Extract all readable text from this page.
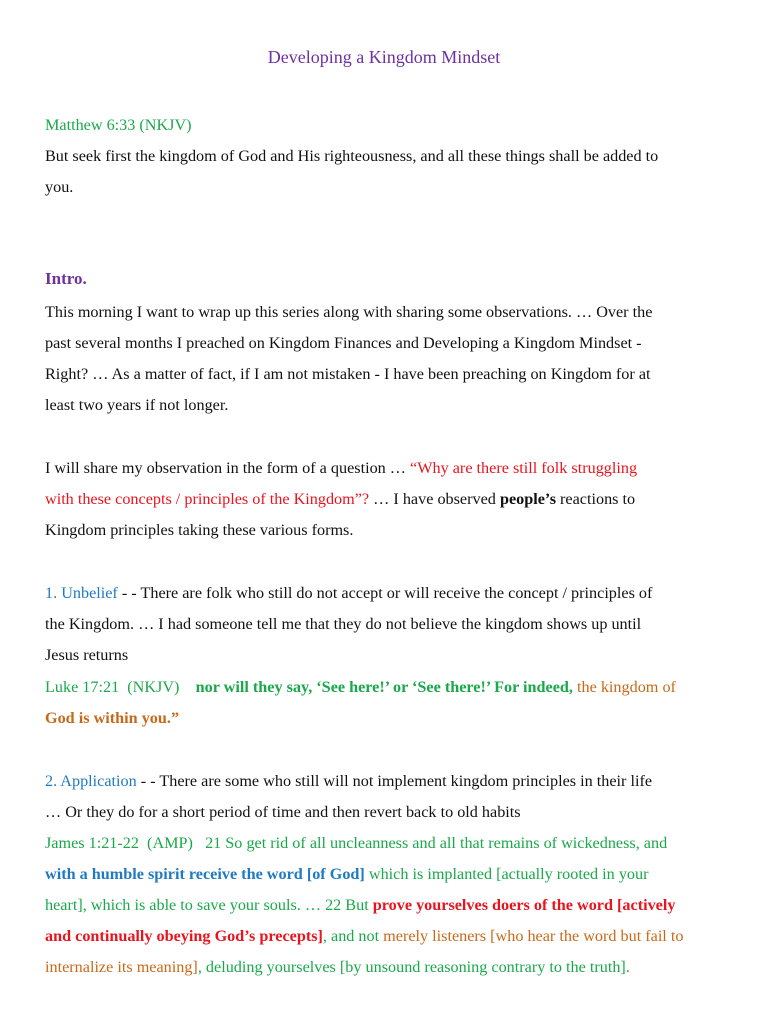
Developing a Kingdom Mindset
Matthew 6:33 (NKJV)
But seek first the kingdom of God and His righteousness, and all these things shall be added to
you.
Intro.
This morning I want to wrap up this series along with sharing some observations. … Over the
past several months I preached on Kingdom Finances and Developing a Kingdom Mindset -
Right? … As a matter of fact, if I am not mistaken - I have been preaching on Kingdom for at
least two years if not longer.
I will share my observation in the form of a question … “Why are there still folk struggling
with these concepts / principles of the Kingdom”? … I have observed people’s reactions to
Kingdom principles taking these various forms.
1. Unbelief - - There are folk who still do not accept or will receive the concept / principles of
the Kingdom. … I had someone tell me that they do not believe the kingdom shows up until
Jesus returns
Luke 17:21  (NKJV)    nor will they say, ‘See here!’ or ‘See there!’ For indeed, the kingdom of
God is within you.”
2. Application - - There are some who still will not implement kingdom principles in their life
… Or they do for a short period of time and then revert back to old habits
James 1:21-22  (AMP)   21 So get rid of all uncleanness and all that remains of wickedness, and
with a humble spirit receive the word [of God] which is implanted [actually rooted in your
heart], which is able to save your souls. … 22 But prove yourselves doers of the word [actively
and continually obeying God’s precepts], and not merely listeners [who hear the word but fail to
internalize its meaning], deluding yourselves [by unsound reasoning contrary to the truth].
